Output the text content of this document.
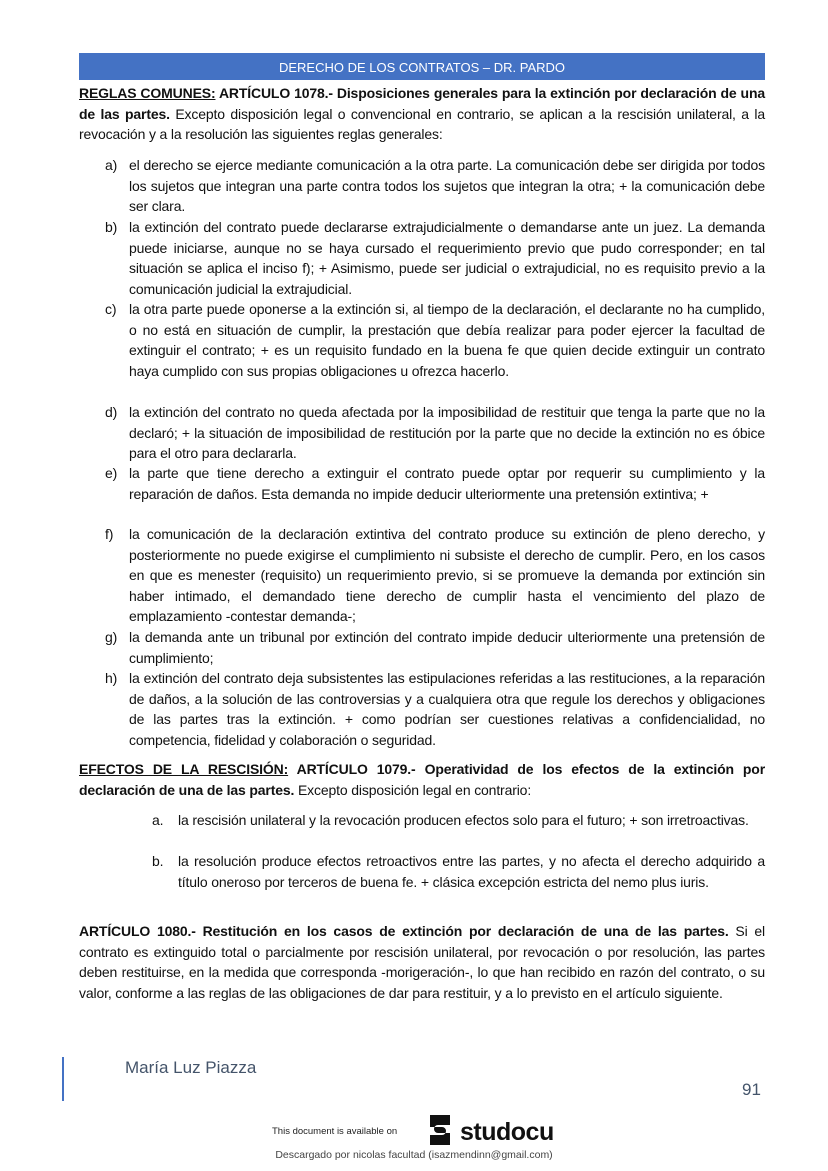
DERECHO DE LOS CONTRATOS – DR. PARDO
REGLAS COMUNES: ARTÍCULO 1078.- Disposiciones generales para la extinción por declaración de una de las partes. Excepto disposición legal o convencional en contrario, se aplican a la rescisión unilateral, a la revocación y a la resolución las siguientes reglas generales:
a) el derecho se ejerce mediante comunicación a la otra parte. La comunicación debe ser dirigida por todos los sujetos que integran una parte contra todos los sujetos que integran la otra; + la comunicación debe ser clara.
b) la extinción del contrato puede declararse extrajudicialmente o demandarse ante un juez. La demanda puede iniciarse, aunque no se haya cursado el requerimiento previo que pudo corresponder; en tal situación se aplica el inciso f); + Asimismo, puede ser judicial o extrajudicial, no es requisito previo a la comunicación judicial la extrajudicial.
c) la otra parte puede oponerse a la extinción si, al tiempo de la declaración, el declarante no ha cumplido, o no está en situación de cumplir, la prestación que debía realizar para poder ejercer la facultad de extinguir el contrato; + es un requisito fundado en la buena fe que quien decide extinguir un contrato haya cumplido con sus propias obligaciones u ofrezca hacerlo.
d) la extinción del contrato no queda afectada por la imposibilidad de restituir que tenga la parte que no la declaró; + la situación de imposibilidad de restitución por la parte que no decide la extinción no es óbice para el otro para declararla.
e) la parte que tiene derecho a extinguir el contrato puede optar por requerir su cumplimiento y la reparación de daños. Esta demanda no impide deducir ulteriormente una pretensión extintiva; +
f) la comunicación de la declaración extintiva del contrato produce su extinción de pleno derecho, y posteriormente no puede exigirse el cumplimiento ni subsiste el derecho de cumplir. Pero, en los casos en que es menester (requisito) un requerimiento previo, si se promueve la demanda por extinción sin haber intimado, el demandado tiene derecho de cumplir hasta el vencimiento del plazo de emplazamiento -contestar demanda-;
g) la demanda ante un tribunal por extinción del contrato impide deducir ulteriormente una pretensión de cumplimiento;
h) la extinción del contrato deja subsistentes las estipulaciones referidas a las restituciones, a la reparación de daños, a la solución de las controversias y a cualquiera otra que regule los derechos y obligaciones de las partes tras la extinción. + como podrían ser cuestiones relativas a confidencialidad, no competencia, fidelidad y colaboración o seguridad.
EFECTOS DE LA RESCISIÓN: ARTÍCULO 1079.- Operatividad de los efectos de la extinción por declaración de una de las partes. Excepto disposición legal en contrario:
a. la rescisión unilateral y la revocación producen efectos solo para el futuro; + son irretroactivas.
b. la resolución produce efectos retroactivos entre las partes, y no afecta el derecho adquirido a título oneroso por terceros de buena fe. + clásica excepción estricta del nemo plus iuris.
ARTÍCULO 1080.- Restitución en los casos de extinción por declaración de una de las partes. Si el contrato es extinguido total o parcialmente por rescisión unilateral, por revocación o por resolución, las partes deben restituirse, en la medida que corresponda -morigeración-, lo que han recibido en razón del contrato, o su valor, conforme a las reglas de las obligaciones de dar para restituir, y a lo previsto en el artículo siguiente.
María Luz Piazza
91
This document is available on	studocu
Descargado por nicolas facultad (isazmendinn@gmail.com)
